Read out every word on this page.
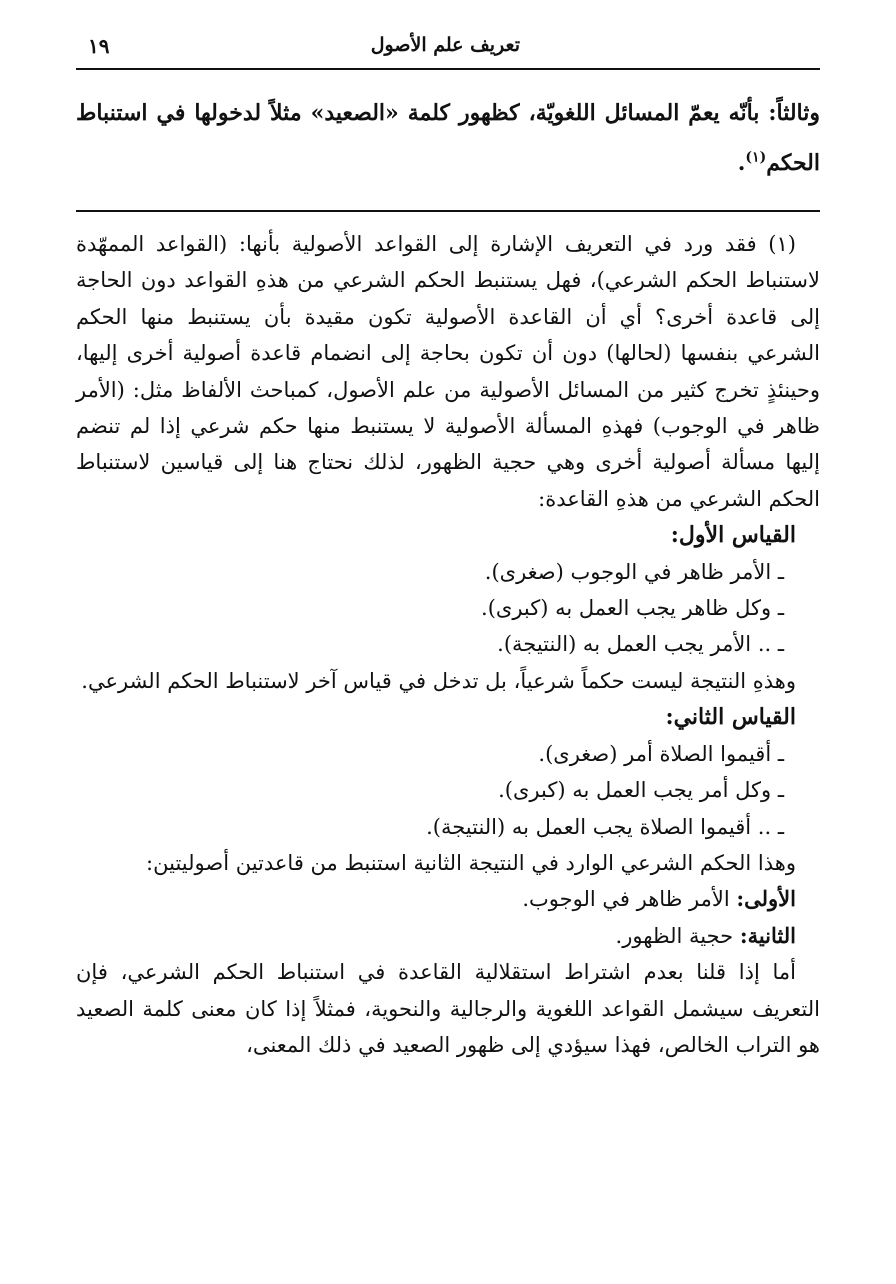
تعريف علم الأصول
١٩

وثالثاً: بأنّه يعمّ المسائل اللغويّة، كظهور كلمة «الصعيد» مثلاً لدخولها في استنباط الحكم$^{(١)}$.

(١) فقد ورد في التعريف الإشارة إلى القواعد الأصولية بأنها: (القواعد الممهّدة لاستنباط الحكم الشرعي)، فهل يستنبط الحكم الشرعي من هذهِ القواعد دون الحاجة إلى قاعدة أخرى؟ أي أن القاعدة الأصولية تكون مقيدة بأن يستنبط منها الحكم الشرعي بنفسها (لحالها) دون أن تكون بحاجة إلى انضمام قاعدة أصولية أخرى إليها، وحينئذٍ تخرج كثير من المسائل الأصولية من علم الأصول، كمباحث الألفاظ مثل: (الأمر ظاهر في الوجوب) فهذهِ المسألة الأصولية لا يستنبط منها حكم شرعي إذا لم تنضم إليها مسألة أصولية أخرى وهي حجية الظهور، لذلك نحتاج هنا إلى قياسين لاستنباط الحكم الشرعي من هذهِ القاعدة:

القياس الأول:

ـ الأمر ظاهر في الوجوب (صغرى).

ـ وكل ظاهر يجب العمل به (كبرى).

ـ .. الأمر يجب العمل به (النتيجة).

وهذهِ النتيجة ليست حكماً شرعياً، بل تدخل في قياس آخر لاستنباط الحكم الشرعي.

القياس الثاني:

ـ أقيموا الصلاة أمر (صغرى).

ـ وكل أمر يجب العمل به (كبرى).

ـ .. أقيموا الصلاة يجب العمل به (النتيجة).

وهذا الحكم الشرعي الوارد في النتيجة الثانية استنبط من قاعدتين أصوليتين:

الأولى: الأمر ظاهر في الوجوب.

الثانية: حجية الظهور.

أما إذا قلنا بعدم اشتراط استقلالية القاعدة في استنباط الحكم الشرعي، فإن التعريف سيشمل القواعد اللغوية والرجالية والنحوية، فمثلاً إذا كان معنى كلمة الصعيد هو التراب الخالص، فهذا سيؤدي إلى ظهور الصعيد في ذلك المعنى،
